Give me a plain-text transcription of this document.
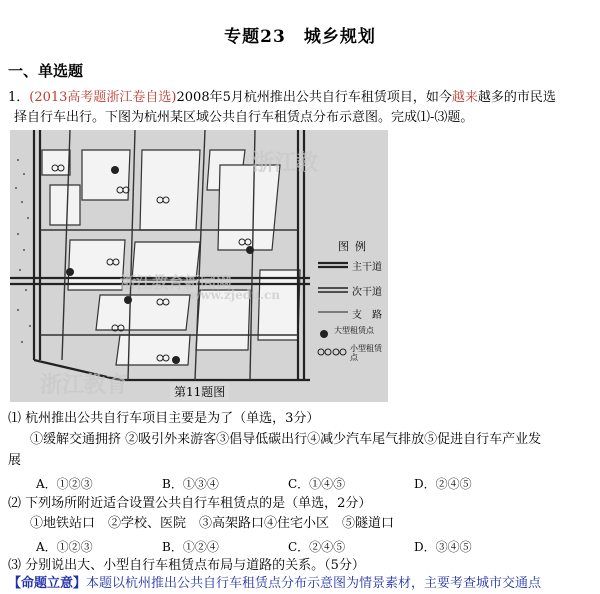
专题23　城乡规划
一、单选题
1．(2013高考题浙江卷自选)2008年5月杭州推出公共自行车租赁项目，如今越来越多的市民选
择自行车出行。下图为杭州某区域公共自行车租赁点分布示意图。完成⑴-⑶题。
浙江教
浙江教育新闻网
浙江教育
www.zjedu.cn
图例
主干道
次干道
支　路
大型租赁点
小型租赁点
第11题图
⑴ 杭州推出公共自行车项目主要是为了（单选，3分）
①缓解交通拥挤 ②吸引外来游客③倡导低碳出行④减少汽车尾气排放⑤促进自行车产业发
展
A．①②③	B．①③④	C．①④⑤	D．②④⑤
⑵ 下列场所附近适合设置公共自行车租赁点的是（单选，2分）
①地铁站口　②学校、医院　③高架路口④住宅小区　⑤隧道口
A．①②③	B．①②④	C．②④⑤	D．③④⑤
⑶ 分别说出大、小型自行车租赁点布局与道路的关系。（5分）
【命题立意】本题以杭州推出公共自行车租赁点分布示意图为情景素材，主要考查城市交通点
